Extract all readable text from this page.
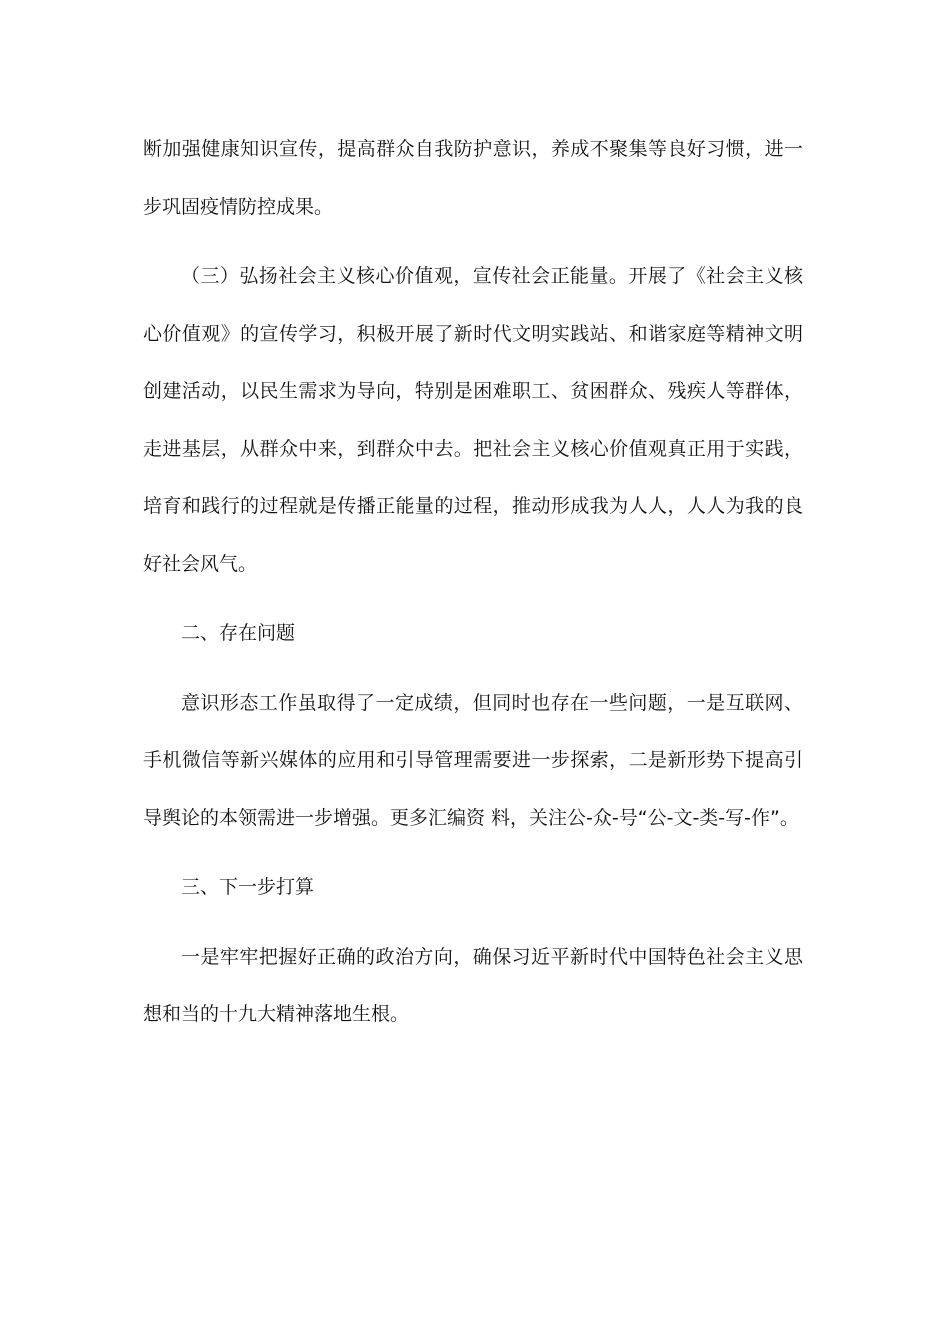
断加强健康知识宣传，提高群众自我防护意识，养成不聚集等良好习惯，进一步巩固疫情防控成果。

（三）弘扬社会主义核心价值观，宣传社会正能量。开展了《社会主义核心价值观》的宣传学习，积极开展了新时代文明实践站、和谐家庭等精神文明创建活动，以民生需求为导向，特别是困难职工、贫困群众、残疾人等群体，走进基层，从群众中来，到群众中去。把社会主义核心价值观真正用于实践，培育和践行的过程就是传播正能量的过程，推动形成我为人人，人人为我的良好社会风气。

二、存在问题

意识形态工作虽取得了一定成绩，但同时也存在一些问题，一是互联网、手机微信等新兴媒体的应用和引导管理需要进一步探索，二是新形势下提高引导舆论的本领需进一步增强。更多汇编资 料，关注公-众-号“公-文-类-写-作”。

三、下一步打算

一是牢牢把握好正确的政治方向，确保习近平新时代中国特色社会主义思想和当的十九大精神落地生根。
